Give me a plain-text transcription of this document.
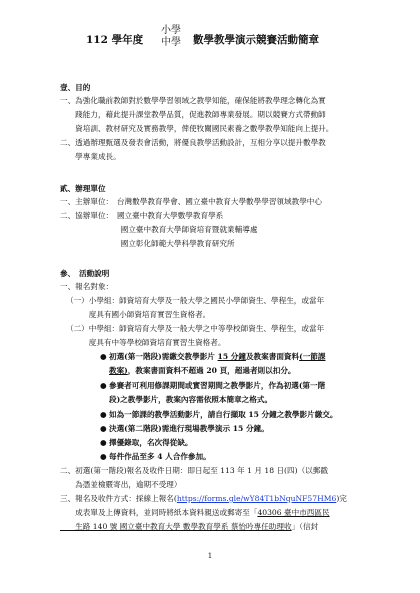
112 學年度
小學
中學 數學教學演示競賽活動簡章
壹、目的
一、為強化職前教師對於數學學習領域之教學知能，確保能將教學理念轉化為實
　　踐能力，藉此提升課堂教學品質，促進教師專業發展。期以競賽方式帶動師
　　資培訓、教材研究及實務教學，俾使牧關國民素養之數學教學知能向上提升。
二、透過辦理甄選及發表會活動，將優良教學活動設計，互相分享以提升數學教
　　學專業成長。
貳、辦理單位
一、主辦單位：　台灣數學教育學會、國立臺中教育大學數學學習領域教學中心
二、協辦單位：　國立臺中教育大學數學教育學系
　　　　　　　　國立臺中教育大學師資培育暨就業輔導處
　　　　　　　　國立彰化師範大學科學教育研究所
參、　活動說明
一、報名對象：
（一）小學組：師資培育大學及一般大學之國民小學師資生、學程生，或當年
　　　度具有國小師資培育實習生資格者。
（二）中學組：師資培育大學及一般大學之中等學校師資生、學程生，或當年
　　　度具有中等學校師資培育實習生資格者。
● 初選(第一階段)需繳交教學影片 15 分鐘及教案書面資料(一節課
教案)，教案書面資料不超過 20 頁，超過者則以扣分。
● 參賽者可利用修課期間或實習期間之教學影片，作為初選(第一階
段)之教學影片，教案內容需依照本簡章之格式。
● 如為一節課的教學活動影片，請自行擷取 15 分鐘之教學影片繳交。
● 決選(第二階段)需進行現場教學演示 15 分鐘。
● 擇優錄取，名次得從缺。
● 每件作品至多 4 人合作參加。
二、初選(第一階段)報名及收件日期：即日起至 113 年 1 月 18 日(四)（以郵戳
　　為憑並檢覈寄出，逾期不受理）
三、報名及收件方式：採線上報名(https://forms.gle/wY84T1bNquNF57HM6)完
　　成表單及上傳資料，並同時將紙本資料親送或郵寄至「40306 臺中市西區民
　　生路 140 號 國立臺中教育大學 數學教育學系 蔡怡吟專任助理收」（信封
1
